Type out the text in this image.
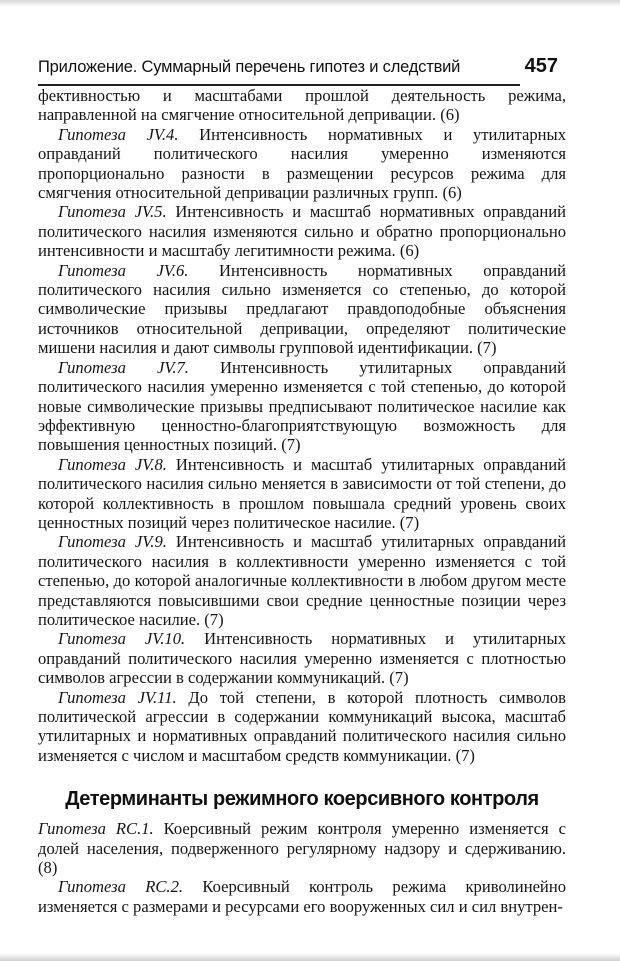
Приложение. Суммарный перечень гипотез и следствий	457

фективностью и масштабами прошлой деятельность режима, направленной на смягчение относительной депривации. (6)

Гипотеза JV.4. Интенсивность нормативных и утилитарных оправданий политического насилия умеренно изменяются пропорционально разности в размещении ресурсов режима для смягчения относительной депривации различных групп. (6)

Гипотеза JV.5. Интенсивность и масштаб нормативных оправданий политического насилия изменяются сильно и обратно пропорционально интенсивности и масштабу легитимности режима. (6)

Гипотеза JV.6. Интенсивность нормативных оправданий политического насилия сильно изменяется со степенью, до которой символические призывы предлагают правдоподобные объяснения источников относительной депривации, определяют политические мишени насилия и дают символы групповой идентификации. (7)

Гипотеза JV.7. Интенсивность утилитарных оправданий политического насилия умеренно изменяется с той степенью, до которой новые символические призывы предписывают политическое насилие как эффективную ценностно-благоприятствующую возможность для повышения ценностных позиций. (7)

Гипотеза JV.8. Интенсивность и масштаб утилитарных оправданий политического насилия сильно меняется в зависимости от той степени, до которой коллективность в прошлом повышала средний уровень своих ценностных позиций через политическое насилие. (7)

Гипотеза JV.9. Интенсивность и масштаб утилитарных оправданий политического насилия в коллективности умеренно изменяется с той степенью, до которой аналогичные коллективности в любом другом месте представляются повысившими свои средние ценностные позиции через политическое насилие. (7)

Гипотеза JV.10. Интенсивность нормативных и утилитарных оправданий политического насилия умеренно изменяется с плотностью символов агрессии в содержании коммуникаций. (7)

Гипотеза JV.11. До той степени, в которой плотность символов политической агрессии в содержании коммуникаций высока, масштаб утилитарных и нормативных оправданий политического насилия сильно изменяется с числом и масштабом средств коммуникации. (7)

Детерминанты режимного коерсивного контроля

Гипотеза RC.1. Коерсивный режим контроля умеренно изменяется с долей населения, подверженного регулярному надзору и сдерживанию. (8)

Гипотеза RC.2. Коерсивный контроль режима криволинейно изменяется с размерами и ресурсами его вооруженных сил и сил внутрен-
